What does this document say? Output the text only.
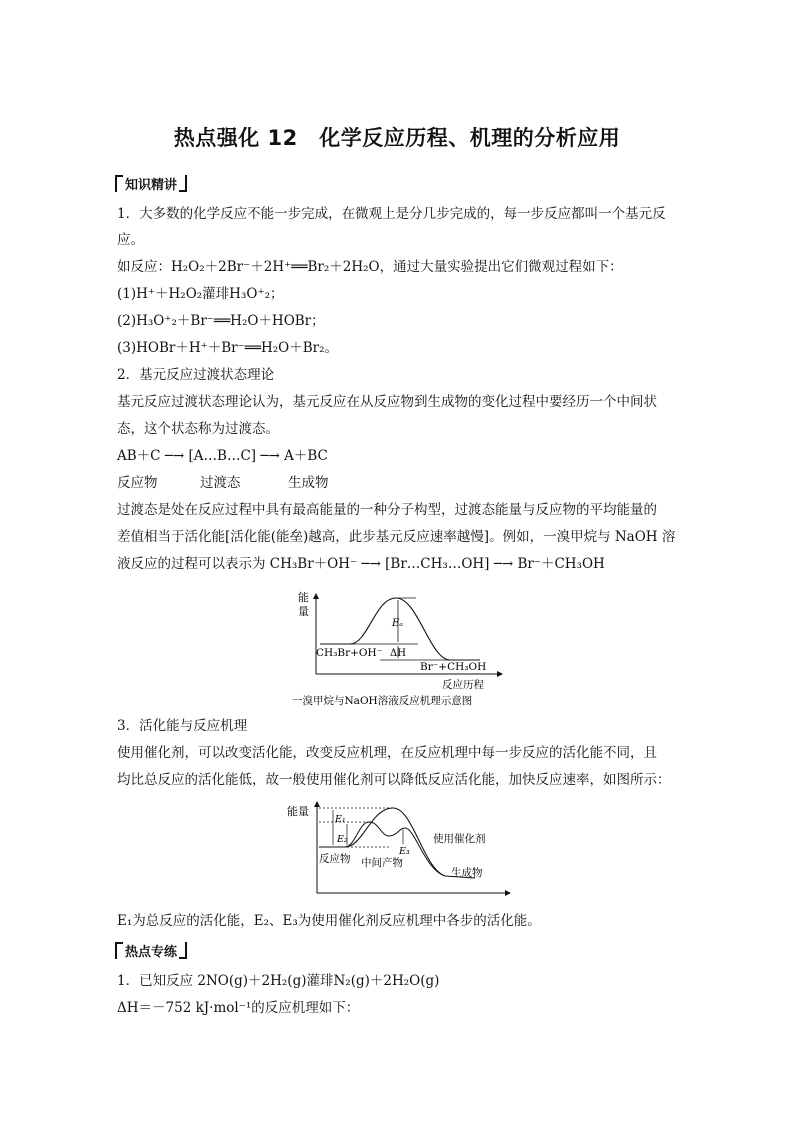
热点强化 12　化学反应历程、机理的分析应用
知识精讲
1．大多数的化学反应不能一步完成，在微观上是分几步完成的，每一步反应都叫一个基元反
应。
如反应：H₂O₂＋2Br⁻＋2H⁺══Br₂＋2H₂O，通过大量实验提出它们微观过程如下：
(1)H⁺＋H₂O₂灌琲H₃O⁺₂；
(2)H₃O⁺₂＋Br⁻══H₂O＋HOBr；
(3)HOBr＋H⁺＋Br⁻══H₂O＋Br₂。
2．基元反应过渡状态理论
基元反应过渡状态理论认为，基元反应在从反应物到生成物的变化过程中要经历一个中间状
态，这个状态称为过渡态。
AB＋C ─→ [A…B…C] ─→ A＋BC
反应物	过渡态	生成物
过渡态是处在反应过程中具有最高能量的一种分子构型，过渡态能量与反应物的平均能量的
差值相当于活化能[活化能(能垒)越高，此步基元反应速率越慢]。例如，一溴甲烷与 NaOH 溶
液反应的过程可以表示为 CH₃Br＋OH⁻ ─→ [Br…CH₃…OH] ─→ Br⁻＋CH₃OH
能
量
Eₐ
ΔH
CH₃Br+OH⁻
Br⁻+CH₃OH
反应历程
一溴甲烷与NaOH溶液反应机理示意图
3．活化能与反应机理
使用催化剂，可以改变活化能，改变反应机理，在反应机理中每一步反应的活化能不同，且
均比总反应的活化能低，故一般使用催化剂可以降低反应活化能，加快反应速率，如图所示：
能量
E₁
E₂
E₃
反应物 中间产物
使用催化剂
生成物
E₁为总反应的活化能，E₂、E₃为使用催化剂反应机理中各步的活化能。
热点专练
1．已知反应 2NO(g)＋2H₂(g)灌琲N₂(g)＋2H₂O(g)
ΔH＝－752 kJ·mol⁻¹的反应机理如下：
